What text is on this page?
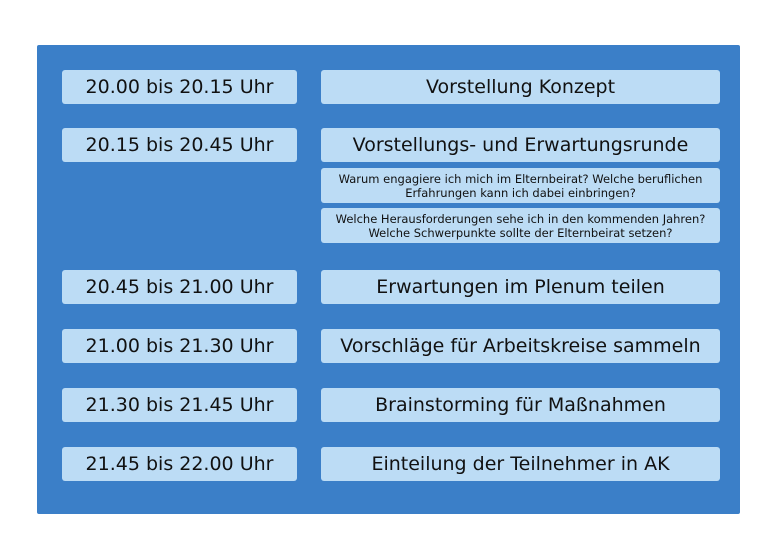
20.00 bis 20.15 Uhr	Vorstellung Konzept
20.15 bis 20.45 Uhr	Vorstellungs- und Erwartungsrunde
Warum engagiere ich mich im Elternbeirat? Welche beruflichen
Erfahrungen kann ich dabei einbringen?
Welche Herausforderungen sehe ich in den kommenden Jahren?
Welche Schwerpunkte sollte der Elternbeirat setzen?
20.45 bis 21.00 Uhr	Erwartungen im Plenum teilen
21.00 bis 21.30 Uhr	Vorschläge für Arbeitskreise sammeln
21.30 bis 21.45 Uhr	Brainstorming für Maßnahmen
21.45 bis 22.00 Uhr	Einteilung der Teilnehmer in AK
